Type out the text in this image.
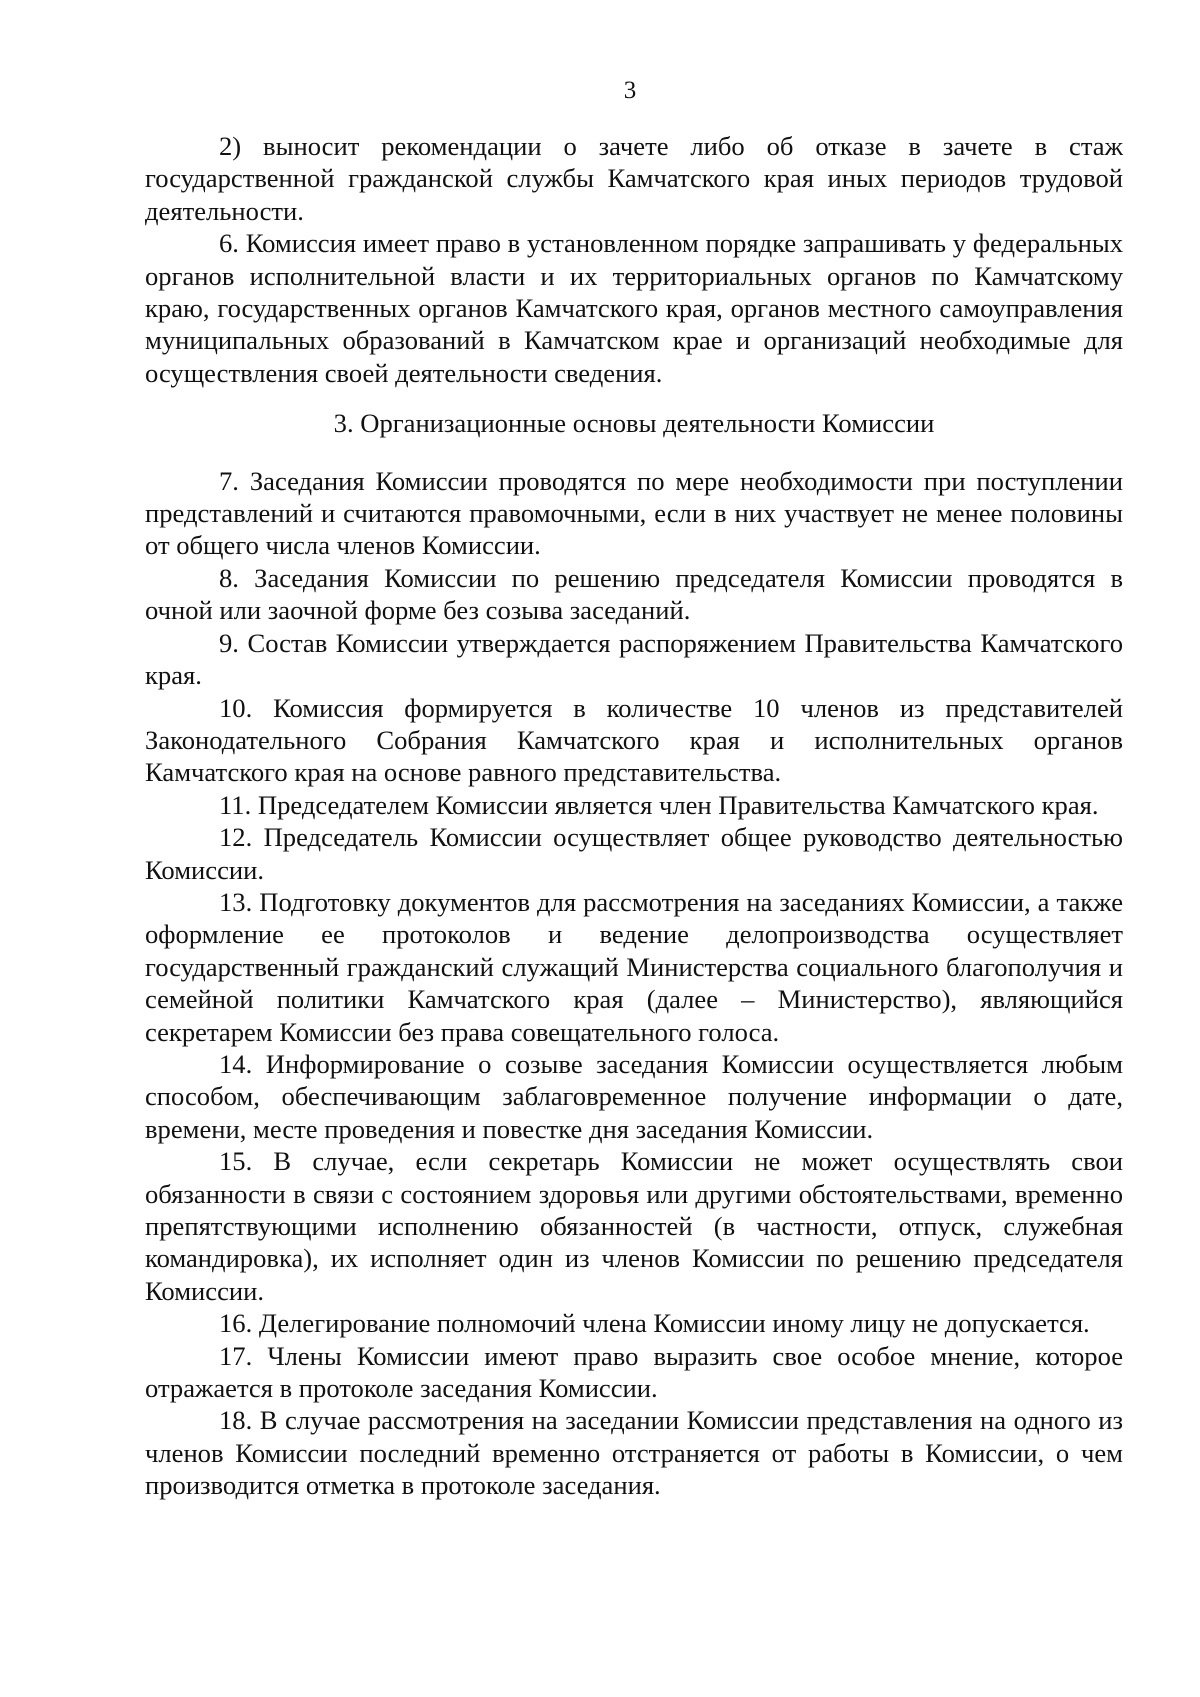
3

2) выносит рекомендации о зачете либо об отказе в зачете в стаж государственной гражданской службы Камчатского края иных периодов трудовой деятельности.

6. Комиссия имеет право в установленном порядке запрашивать у федеральных органов исполнительной власти и их территориальных органов по Камчатскому краю, государственных органов Камчатского края, органов местного самоуправления муниципальных образований в Камчатском крае и организаций необходимые для осуществления своей деятельности сведения.

3. Организационные основы деятельности Комиссии

7. Заседания Комиссии проводятся по мере необходимости при поступлении представлений и считаются правомочными, если в них участвует не менее половины от общего числа членов Комиссии.

8. Заседания Комиссии по решению председателя Комиссии проводятся в очной или заочной форме без созыва заседаний.

9. Состав Комиссии утверждается распоряжением Правительства Камчатского края.

10. Комиссия формируется в количестве 10 членов из представителей Законодательного Собрания Камчатского края и исполнительных органов Камчатского края на основе равного представительства.

11. Председателем Комиссии является член Правительства Камчатского края.

12. Председатель Комиссии осуществляет общее руководство деятельностью Комиссии.

13. Подготовку документов для рассмотрения на заседаниях Комиссии, а также оформление ее протоколов и ведение делопроизводства осуществляет государственный гражданский служащий Министерства социального благополучия и семейной политики Камчатского края (далее – Министерство), являющийся секретарем Комиссии без права совещательного голоса.

14. Информирование о созыве заседания Комиссии осуществляется любым способом, обеспечивающим заблаговременное получение информации о дате, времени, месте проведения и повестке дня заседания Комиссии.

15. В случае, если секретарь Комиссии не может осуществлять свои обязанности в связи с состоянием здоровья или другими обстоятельствами, временно препятствующими исполнению обязанностей (в частности, отпуск, служебная командировка), их исполняет один из членов Комиссии по решению председателя Комиссии.

16. Делегирование полномочий члена Комиссии иному лицу не допускается.

17. Члены Комиссии имеют право выразить свое особое мнение, которое отражается в протоколе заседания Комиссии.

18. В случае рассмотрения на заседании Комиссии представления на одного из членов Комиссии последний временно отстраняется от работы в Комиссии, о чем производится отметка в протоколе заседания.
